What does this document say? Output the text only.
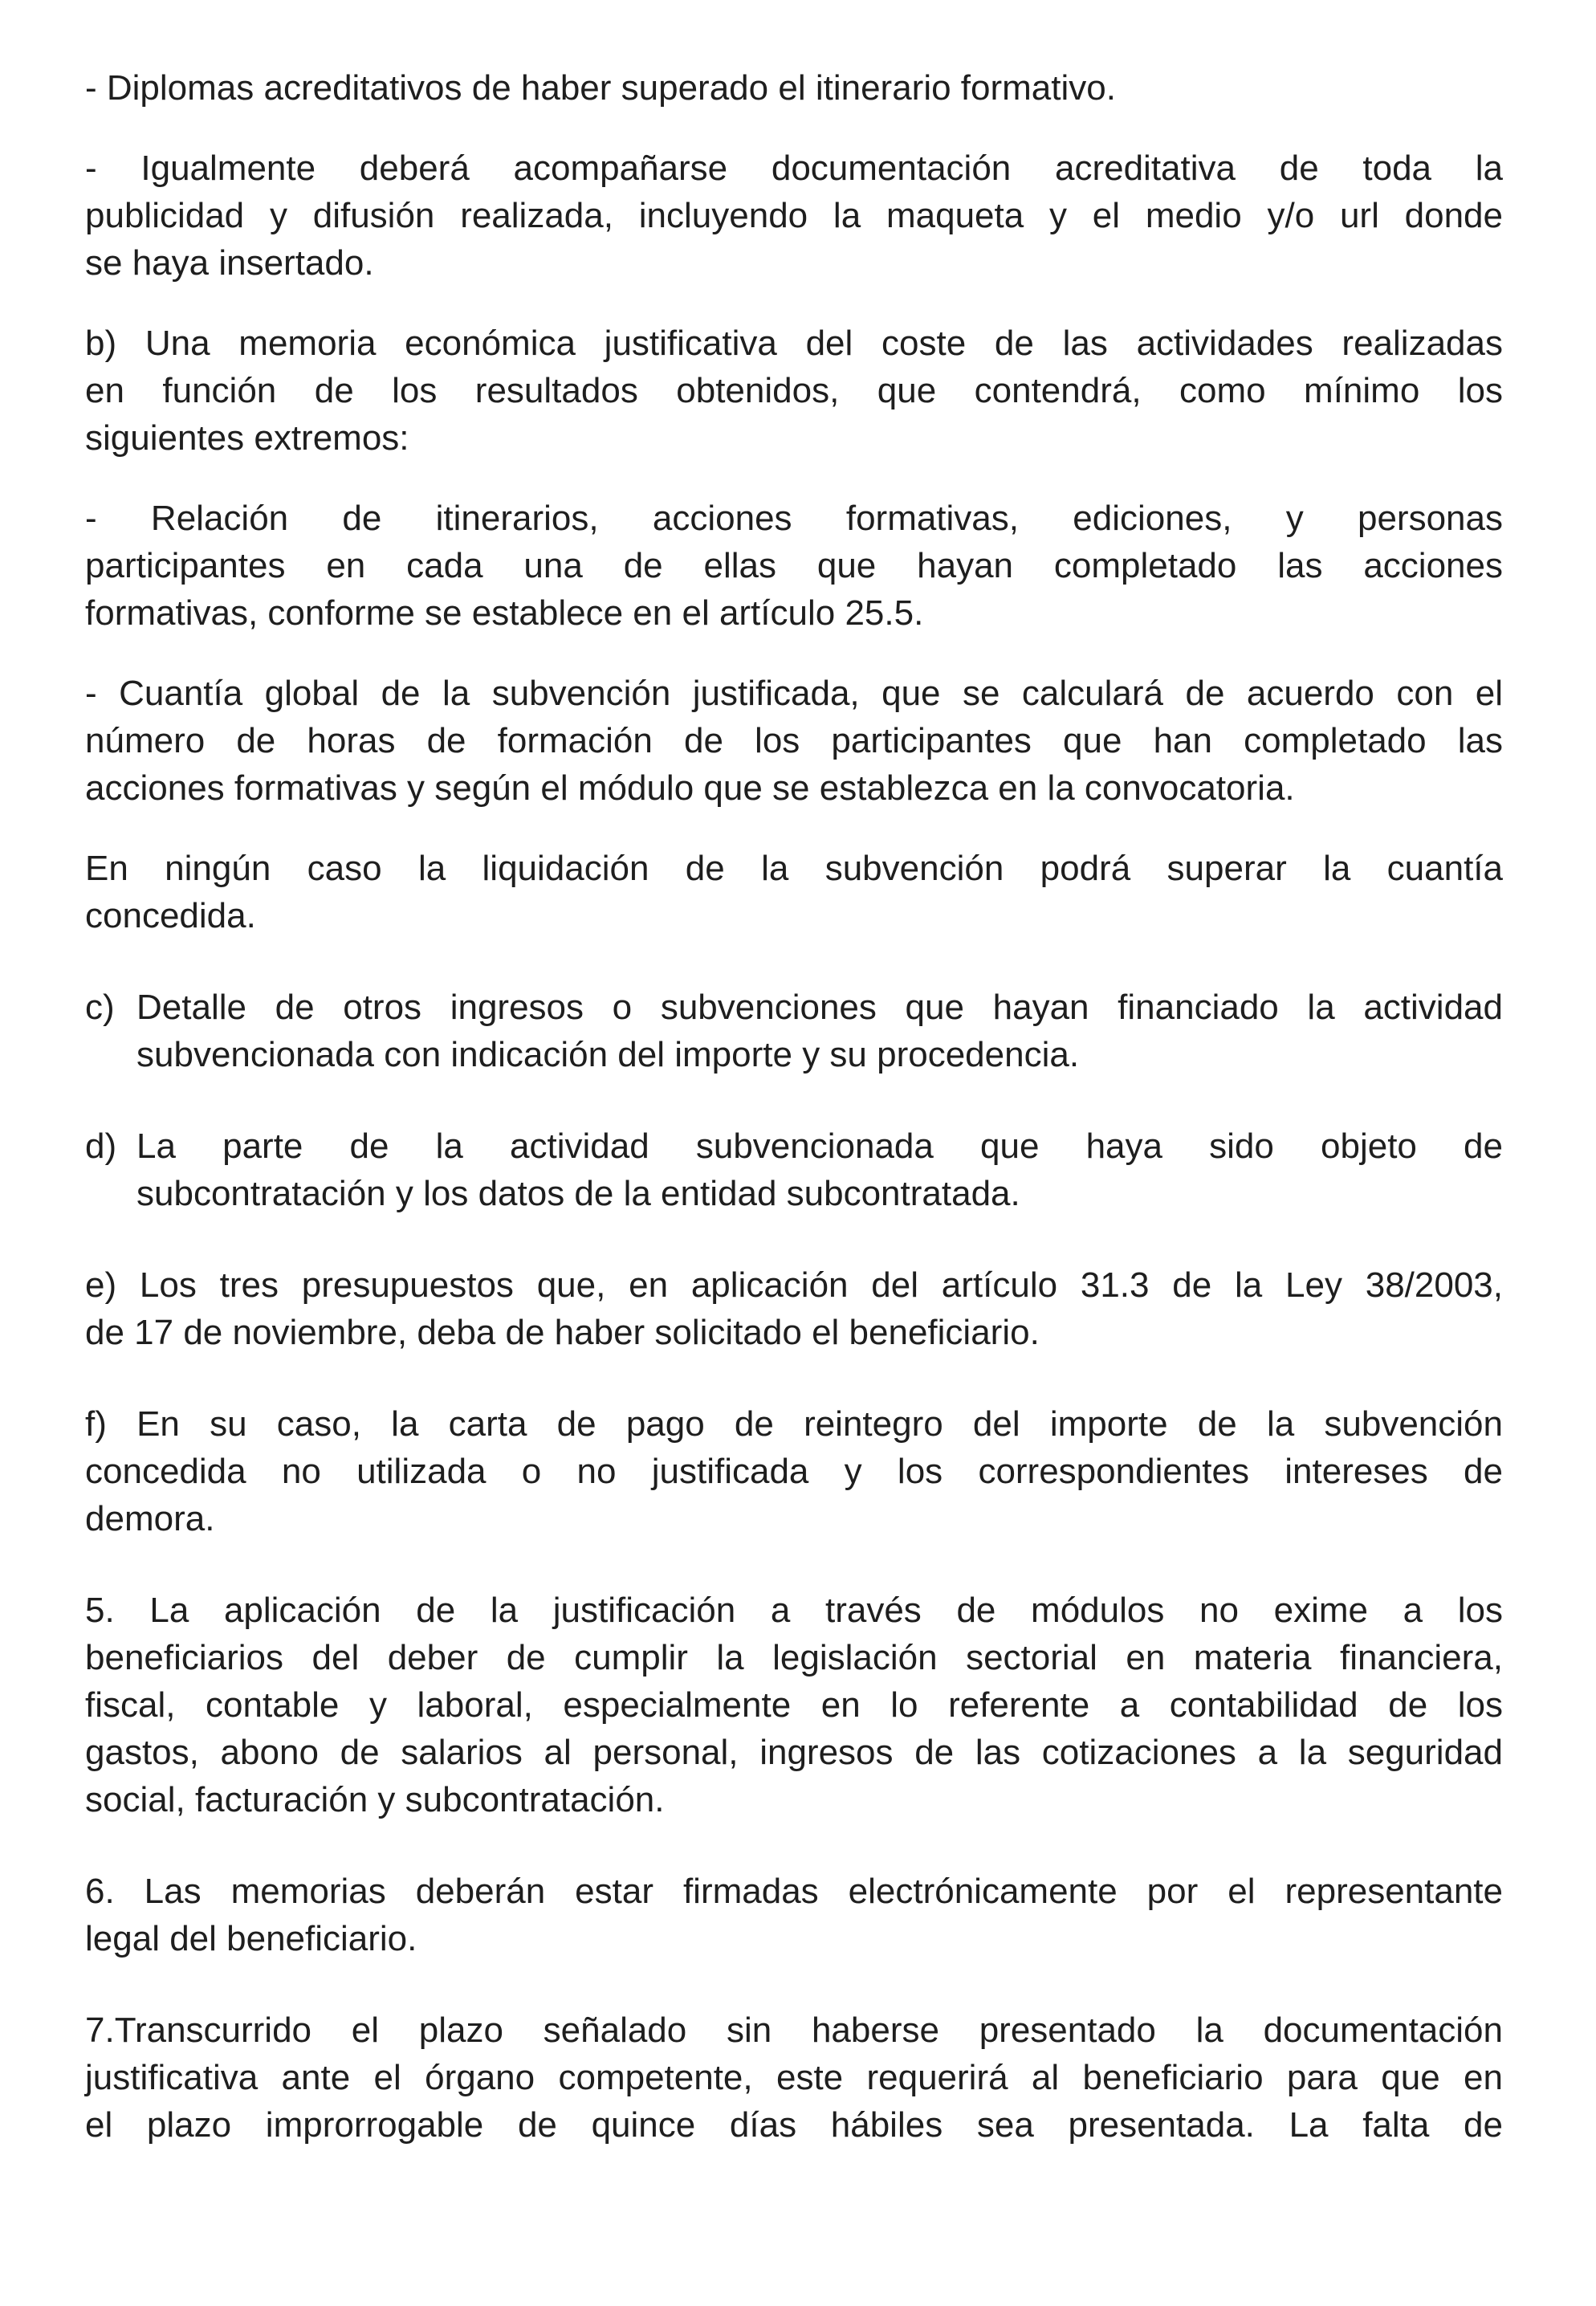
- Diplomas acreditativos de haber superado el itinerario formativo.
- Igualmente deberá acompañarse documentación acreditativa de toda la
publicidad y difusión realizada, incluyendo la maqueta y el medio y/o url donde
se haya insertado.
b) Una memoria económica justificativa del coste de las actividades realizadas
en función de los resultados obtenidos, que contendrá, como mínimo los
siguientes extremos:
- Relación de itinerarios, acciones formativas, ediciones, y personas
participantes en cada una de ellas que hayan completado las acciones
formativas, conforme se establece en el artículo 25.5.
- Cuantía global de la subvención justificada, que se calculará de acuerdo con el
número de horas de formación de los participantes que han completado las
acciones formativas y según el módulo que se establezca en la convocatoria.
En ningún caso la liquidación de la subvención podrá superar la cuantía
concedida.
c) Detalle de otros ingresos o subvenciones que hayan financiado la actividad
subvencionada con indicación del importe y su procedencia.
d) La parte de la actividad subvencionada que haya sido objeto de
subcontratación y los datos de la entidad subcontratada.
e) Los tres presupuestos que, en aplicación del artículo 31.3 de la Ley 38/2003,
de 17 de noviembre, deba de haber solicitado el beneficiario.
f) En su caso, la carta de pago de reintegro del importe de la subvención
concedida no utilizada o no justificada y los correspondientes intereses de
demora.
5. La aplicación de la justificación a través de módulos no exime a los
beneficiarios del deber de cumplir la legislación sectorial en materia financiera,
fiscal, contable y laboral, especialmente en lo referente a contabilidad de los
gastos, abono de salarios al personal, ingresos de las cotizaciones a la seguridad
social, facturación y subcontratación.
6. Las memorias deberán estar firmadas electrónicamente por el representante
legal del beneficiario.
7.Transcurrido el plazo señalado sin haberse presentado la documentación
justificativa ante el órgano competente, este requerirá al beneficiario para que en
el plazo improrrogable de quince días hábiles sea presentada. La falta de
